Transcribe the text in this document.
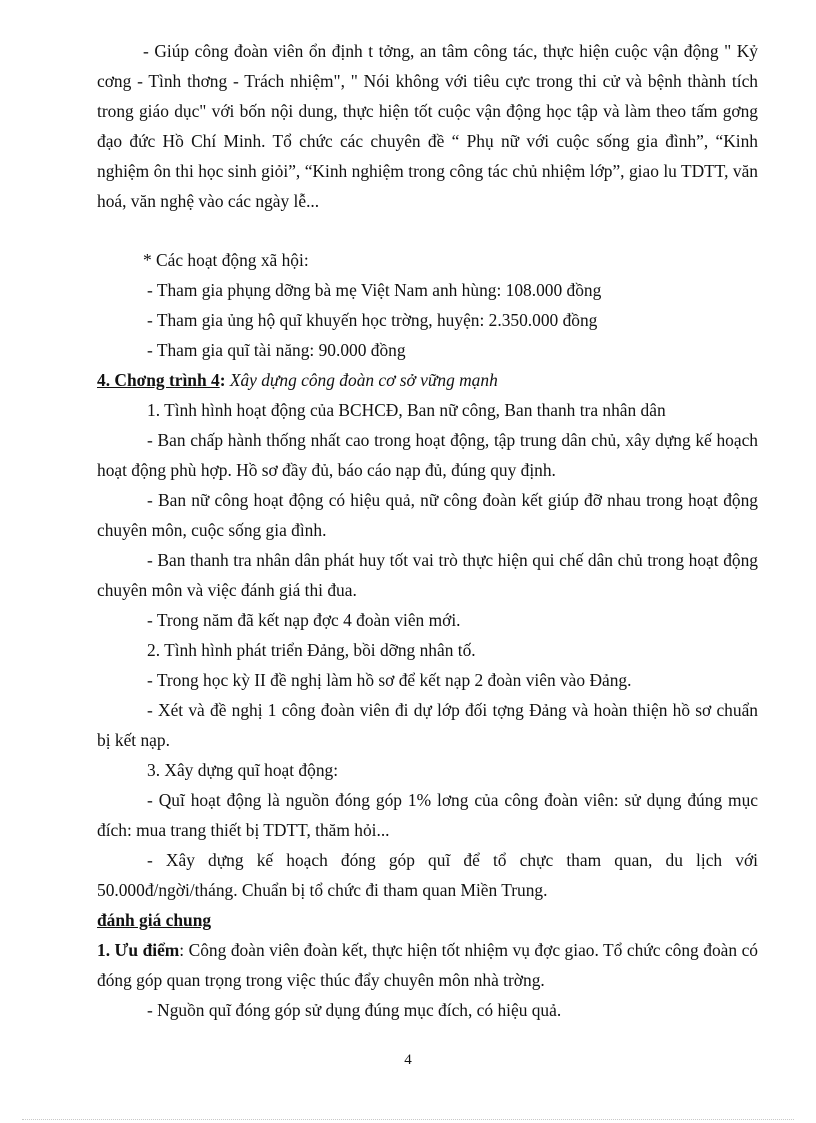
- Giúp công đoàn viên ổn định t tởng, an tâm công tác, thực hiện cuộc vận động " Kỷ cơng - Tình thơng - Trách nhiệm", " Nói không với tiêu cực trong thi cử và bệnh thành tích trong giáo dục" với bốn nội dung, thực hiện tốt cuộc vận động học tập và làm theo tấm gơng đạo đức Hồ Chí Minh. Tổ chức các chuyên đề “ Phụ nữ với cuộc sống gia đình”, “Kinh nghiệm ôn thi học sinh giỏi”, “Kinh nghiệm trong công tác chủ nhiệm lớp”, giao lu TDTT, văn hoá, văn nghệ vào các ngày lễ...

* Các hoạt động xã hội:

- Tham gia phụng dỡng bà mẹ Việt Nam anh hùng: 108.000 đồng

- Tham gia ủng hộ quĩ khuyến học trờng, huyện: 2.350.000 đồng

- Tham gia quĩ tài năng: 90.000 đồng

4. Chơng trình 4: Xây dựng công đoàn cơ sở vững mạnh

1. Tình hình hoạt động của BCHCĐ, Ban nữ công, Ban thanh tra nhân dân

- Ban chấp hành thống nhất cao trong hoạt động, tập trung dân chủ, xây dựng kế hoạch hoạt động phù hợp. Hồ sơ đầy đủ, báo cáo nạp đủ, đúng quy định.

- Ban nữ công hoạt động có hiệu quả, nữ công đoàn kết giúp đỡ nhau trong hoạt động chuyên môn, cuộc sống gia đình.

- Ban thanh tra nhân dân phát huy tốt vai trò thực hiện qui chế dân chủ trong hoạt động chuyên môn và việc đánh giá thi đua.

- Trong năm đã kết nạp đợc 4 đoàn viên mới.

2. Tình hình phát triển Đảng, bồi dỡng nhân tố.

- Trong học kỳ II đề nghị làm hồ sơ để kết nạp 2 đoàn viên vào Đảng.

- Xét và đề nghị 1 công đoàn viên đi dự lớp đối tợng Đảng và hoàn thiện hồ sơ chuẩn bị kết nạp.

3. Xây dựng quĩ hoạt động:

- Quĩ hoạt động là nguồn đóng góp 1% lơng của công đoàn viên: sử dụng đúng mục đích: mua trang thiết bị TDTT, thăm hỏi...

- Xây dựng kế hoạch đóng góp quĩ để tổ chực tham quan, du lịch với 50.000đ/ngời/tháng. Chuẩn bị tổ chức đi tham quan Miền Trung.

đánh giá chung

1. Ưu điểm: Công đoàn viên đoàn kết, thực hiện tốt nhiệm vụ đợc giao. Tổ chức công đoàn có đóng góp quan trọng trong việc thúc đẩy chuyên môn nhà trờng.

- Nguồn quĩ đóng góp sử dụng đúng mục đích, có hiệu quả.

4
